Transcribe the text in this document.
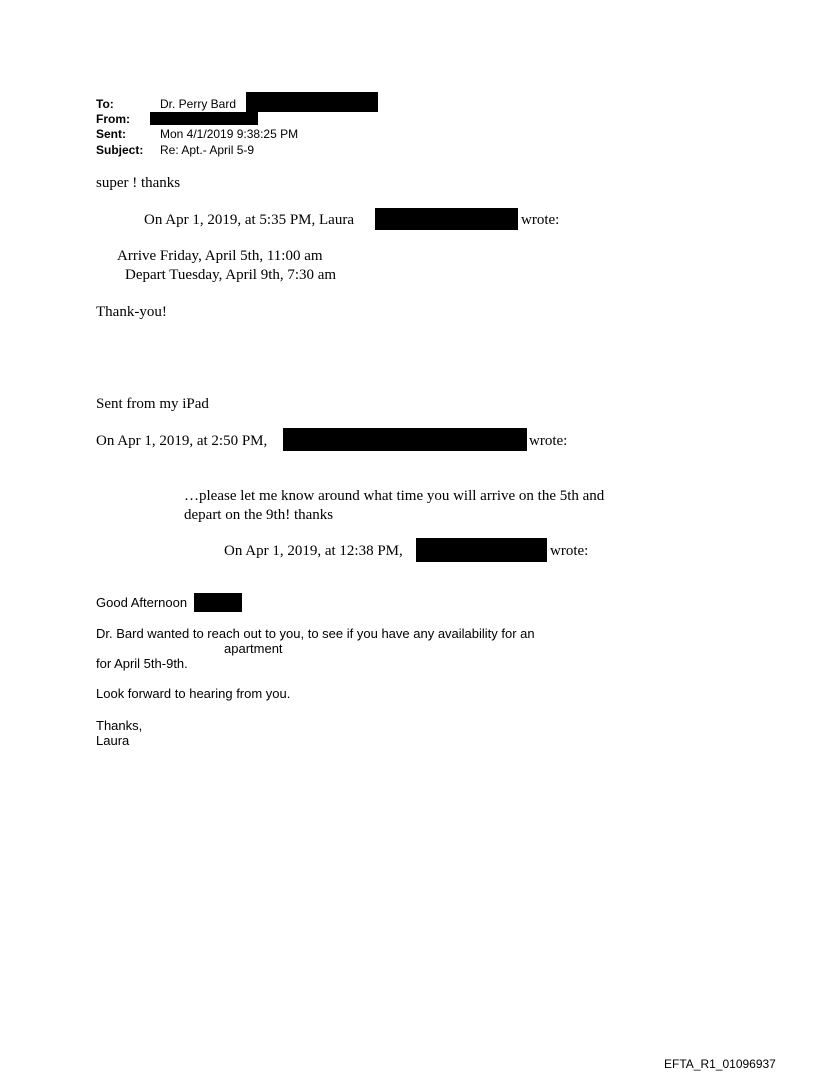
To:	Dr. Perry Bard
From:
Sent:	Mon 4/1/2019 9:38:25 PM
Subject: Re: Apt.- April 5-9
super ! thanks
On Apr 1, 2019, at 5:35 PM, Laura	wrote:
Arrive Friday, April 5th, 11:00 am
Depart Tuesday, April 9th, 7:30 am
Thank-you!
Sent from my iPad
On Apr 1, 2019, at 2:50 PM,	wrote:
…please let me know around what time you will arrive on the 5th and
depart on the 9th! thanks
On Apr 1, 2019, at 12:38 PM,	wrote:
Good Afternoon
Dr. Bard wanted to reach out to you, to see if you have any availability for an
apartment
for April 5th-9th.
Look forward to hearing from you.
Thanks,
Laura
EFTA_R1_01096937
